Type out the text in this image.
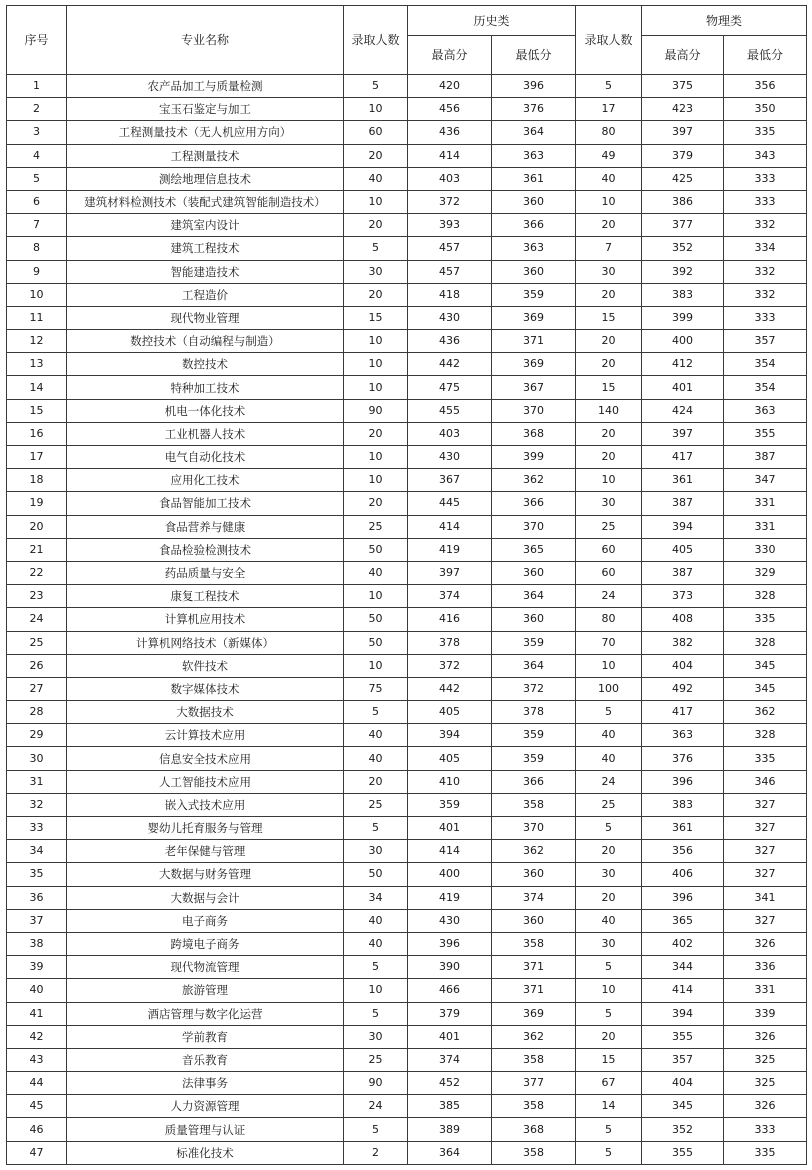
序号	专业名称	录取人数	历史类		录取人数	物理类	
			最高分	最低分		最高分	最低分
1	农产品加工与质量检测	5	420	396	5	375	356
2	宝玉石鉴定与加工	10	456	376	17	423	350
3	工程测量技术（无人机应用方向）	60	436	364	80	397	335
4	工程测量技术	20	414	363	49	379	343
5	测绘地理信息技术	40	403	361	40	425	333
6	建筑材料检测技术（装配式建筑智能制造技术）	10	372	360	10	386	333
7	建筑室内设计	20	393	366	20	377	332
8	建筑工程技术	5	457	363	7	352	334
9	智能建造技术	30	457	360	30	392	332
10	工程造价	20	418	359	20	383	332
11	现代物业管理	15	430	369	15	399	333
12	数控技术（自动编程与制造）	10	436	371	20	400	357
13	数控技术	10	442	369	20	412	354
14	特种加工技术	10	475	367	15	401	354
15	机电一体化技术	90	455	370	140	424	363
16	工业机器人技术	20	403	368	20	397	355
17	电气自动化技术	10	430	399	20	417	387
18	应用化工技术	10	367	362	10	361	347
19	食品智能加工技术	20	445	366	30	387	331
20	食品营养与健康	25	414	370	25	394	331
21	食品检验检测技术	50	419	365	60	405	330
22	药品质量与安全	40	397	360	60	387	329
23	康复工程技术	10	374	364	24	373	328
24	计算机应用技术	50	416	360	80	408	335
25	计算机网络技术（新媒体）	50	378	359	70	382	328
26	软件技术	10	372	364	10	404	345
27	数字媒体技术	75	442	372	100	492	345
28	大数据技术	5	405	378	5	417	362
29	云计算技术应用	40	394	359	40	363	328
30	信息安全技术应用	40	405	359	40	376	335
31	人工智能技术应用	20	410	366	24	396	346
32	嵌入式技术应用	25	359	358	25	383	327
33	婴幼儿托育服务与管理	5	401	370	5	361	327
34	老年保健与管理	30	414	362	20	356	327
35	大数据与财务管理	50	400	360	30	406	327
36	大数据与会计	34	419	374	20	396	341
37	电子商务	40	430	360	40	365	327
38	跨境电子商务	40	396	358	30	402	326
39	现代物流管理	5	390	371	5	344	336
40	旅游管理	10	466	371	10	414	331
41	酒店管理与数字化运营	5	379	369	5	394	339
42	学前教育	30	401	362	20	355	326
43	音乐教育	25	374	358	15	357	325
44	法律事务	90	452	377	67	404	325
45	人力资源管理	24	385	358	14	345	326
46	质量管理与认证	5	389	368	5	352	333
47	标准化技术	2	364	358	5	355	335
